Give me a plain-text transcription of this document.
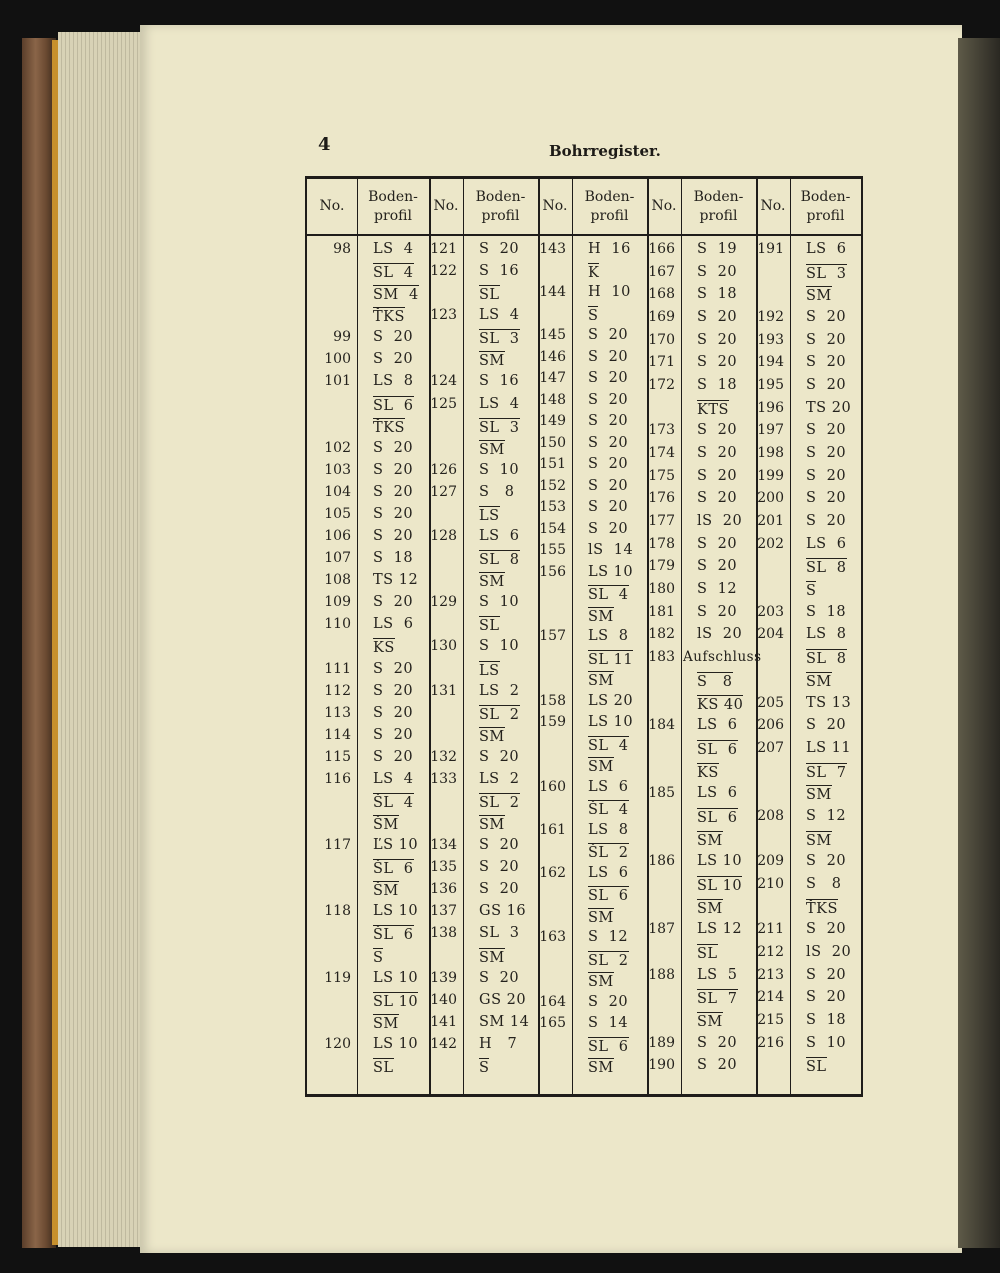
4	Bohrregister.
No.
Boden-
profil
98 LS  4
SL  4
SM  4
ŤKS
99 S  20
100 S  20
101 LS  8
SL  6
ŤKS
102 S  20
103 S  20
104 S  20
105 S  20
106 S  20
107 S  18
108 TS 12
109 S  20
110 LS  6
KS
111 S  20
112 S  20
113 S  20
114 S  20
115 S  20
116 LS  4
ŠL  4
ŠM
117 ĽS 10
ŠL  6
ŠM
118 LS 10
ŠL  6
S
119 LS 10
SL 10
SM
120 LS 10
SL
No.
Boden-
profil
121 S  20
122 S  16
SL
123 LS  4
SL  3
SM
124 S  16
125 LS  4
SL  3
SM
126 S  10
127 S   8
LS
128 LS  6
SL  8
SM
129 S  10
SL
130 S  10
LS
131 LS  2
SL  2
SM
132 S  20
133 LS  2
SL  2
SM
134 S  20
135 S  20
136 S  20
137 GS 16
138 SL  3
SM
139 S  20
140 GS 20
141 SM 14
142 H   7
S
No.
Boden-
profil
143 H  16
K
144 H  10
S
145 S  20
146 S  20
147 S  20
148 S  20
149 S  20
150 S  20
151 S  20
152 S  20
153 S  20
154 S  20
155 lS  14
156 LS 10
SL  4
SM
157 LS  8
SL 11
SM
158 LS 20
159 LS 10
SL  4
SM
160 LS  6
ŠL  4
161 LS  8
ŠL  2
162 LS  6
SL  6
SM
163 S  12
SL  2
SM
164 S  20
165 S  14
SL  6
SM
No.
Boden-
profil
166 S  19
167 S  20
168 S  18
169 S  20
170 S  20
171 S  20
172 S  18
KTS
173 S  20
174 S  20
175 S  20
176 S  20
177 lS  20
178 S  20
179 S  20
180 S  12
181 S  20
182 lS  20
183 Aufschluss
S   8
KS 40
184 LS  6
SL  6
KS
185 LS  6
SL  6
SM
186 LS 10
SL 10
SM
187 LS 12
SL
188 LS  5
SL  7
SM
189 S  20
190 S  20
No.
Boden-
profil
191 LS  6
SL  3
SM
192 S  20
193 S  20
194 S  20
195 S  20
196 TS 20
197 S  20
198 S  20
199 S  20
200 S  20
201 S  20
202 LS  6
SL  8
S
203 S  18
204 LS  8
SL  8
SM
205 TS 13
206 S  20
207 LS 11
SL  7
SM
208 S  12
SM
209 S  20
210 S   8
ŤKS
211 S  20
212 lS  20
213 S  20
214 S  20
215 S  18
216 S  10
SL
